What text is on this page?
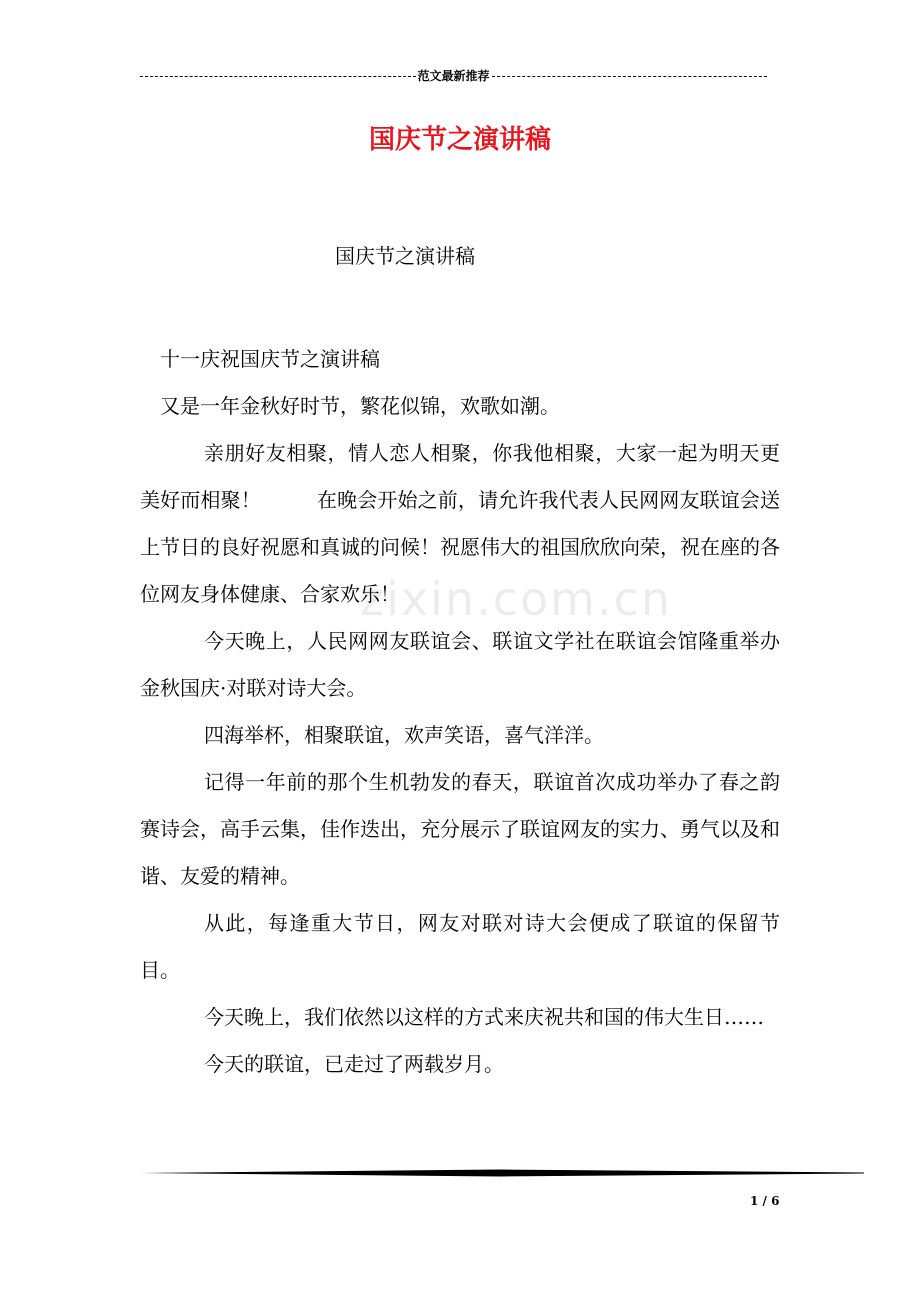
范文最新推荐
国庆节之演讲稿
国庆节之演讲稿
zixin.com.cn

十一庆祝国庆节之演讲稿

又是一年金秋好时节，繁花似锦，欢歌如潮。

亲朋好友相聚，情人恋人相聚，你我他相聚，大家一起为明天更美好而相聚！	在晚会开始之前，请允许我代表人民网网友联谊会送上节日的良好祝愿和真诚的问候！祝愿伟大的祖国欣欣向荣，祝在座的各位网友身体健康、合家欢乐！

今天晚上，人民网网友联谊会、联谊文学社在联谊会馆隆重举办金秋国庆·对联对诗大会。

四海举杯，相聚联谊，欢声笑语，喜气洋洋。

记得一年前的那个生机勃发的春天，联谊首次成功举办了春之韵赛诗会，高手云集，佳作迭出，充分展示了联谊网友的实力、勇气以及和谐、友爱的精神。

从此，每逢重大节日，网友对联对诗大会便成了联谊的保留节目。

今天晚上，我们依然以这样的方式来庆祝共和国的伟大生日……

今天的联谊，已走过了两载岁月。

1 / 6
